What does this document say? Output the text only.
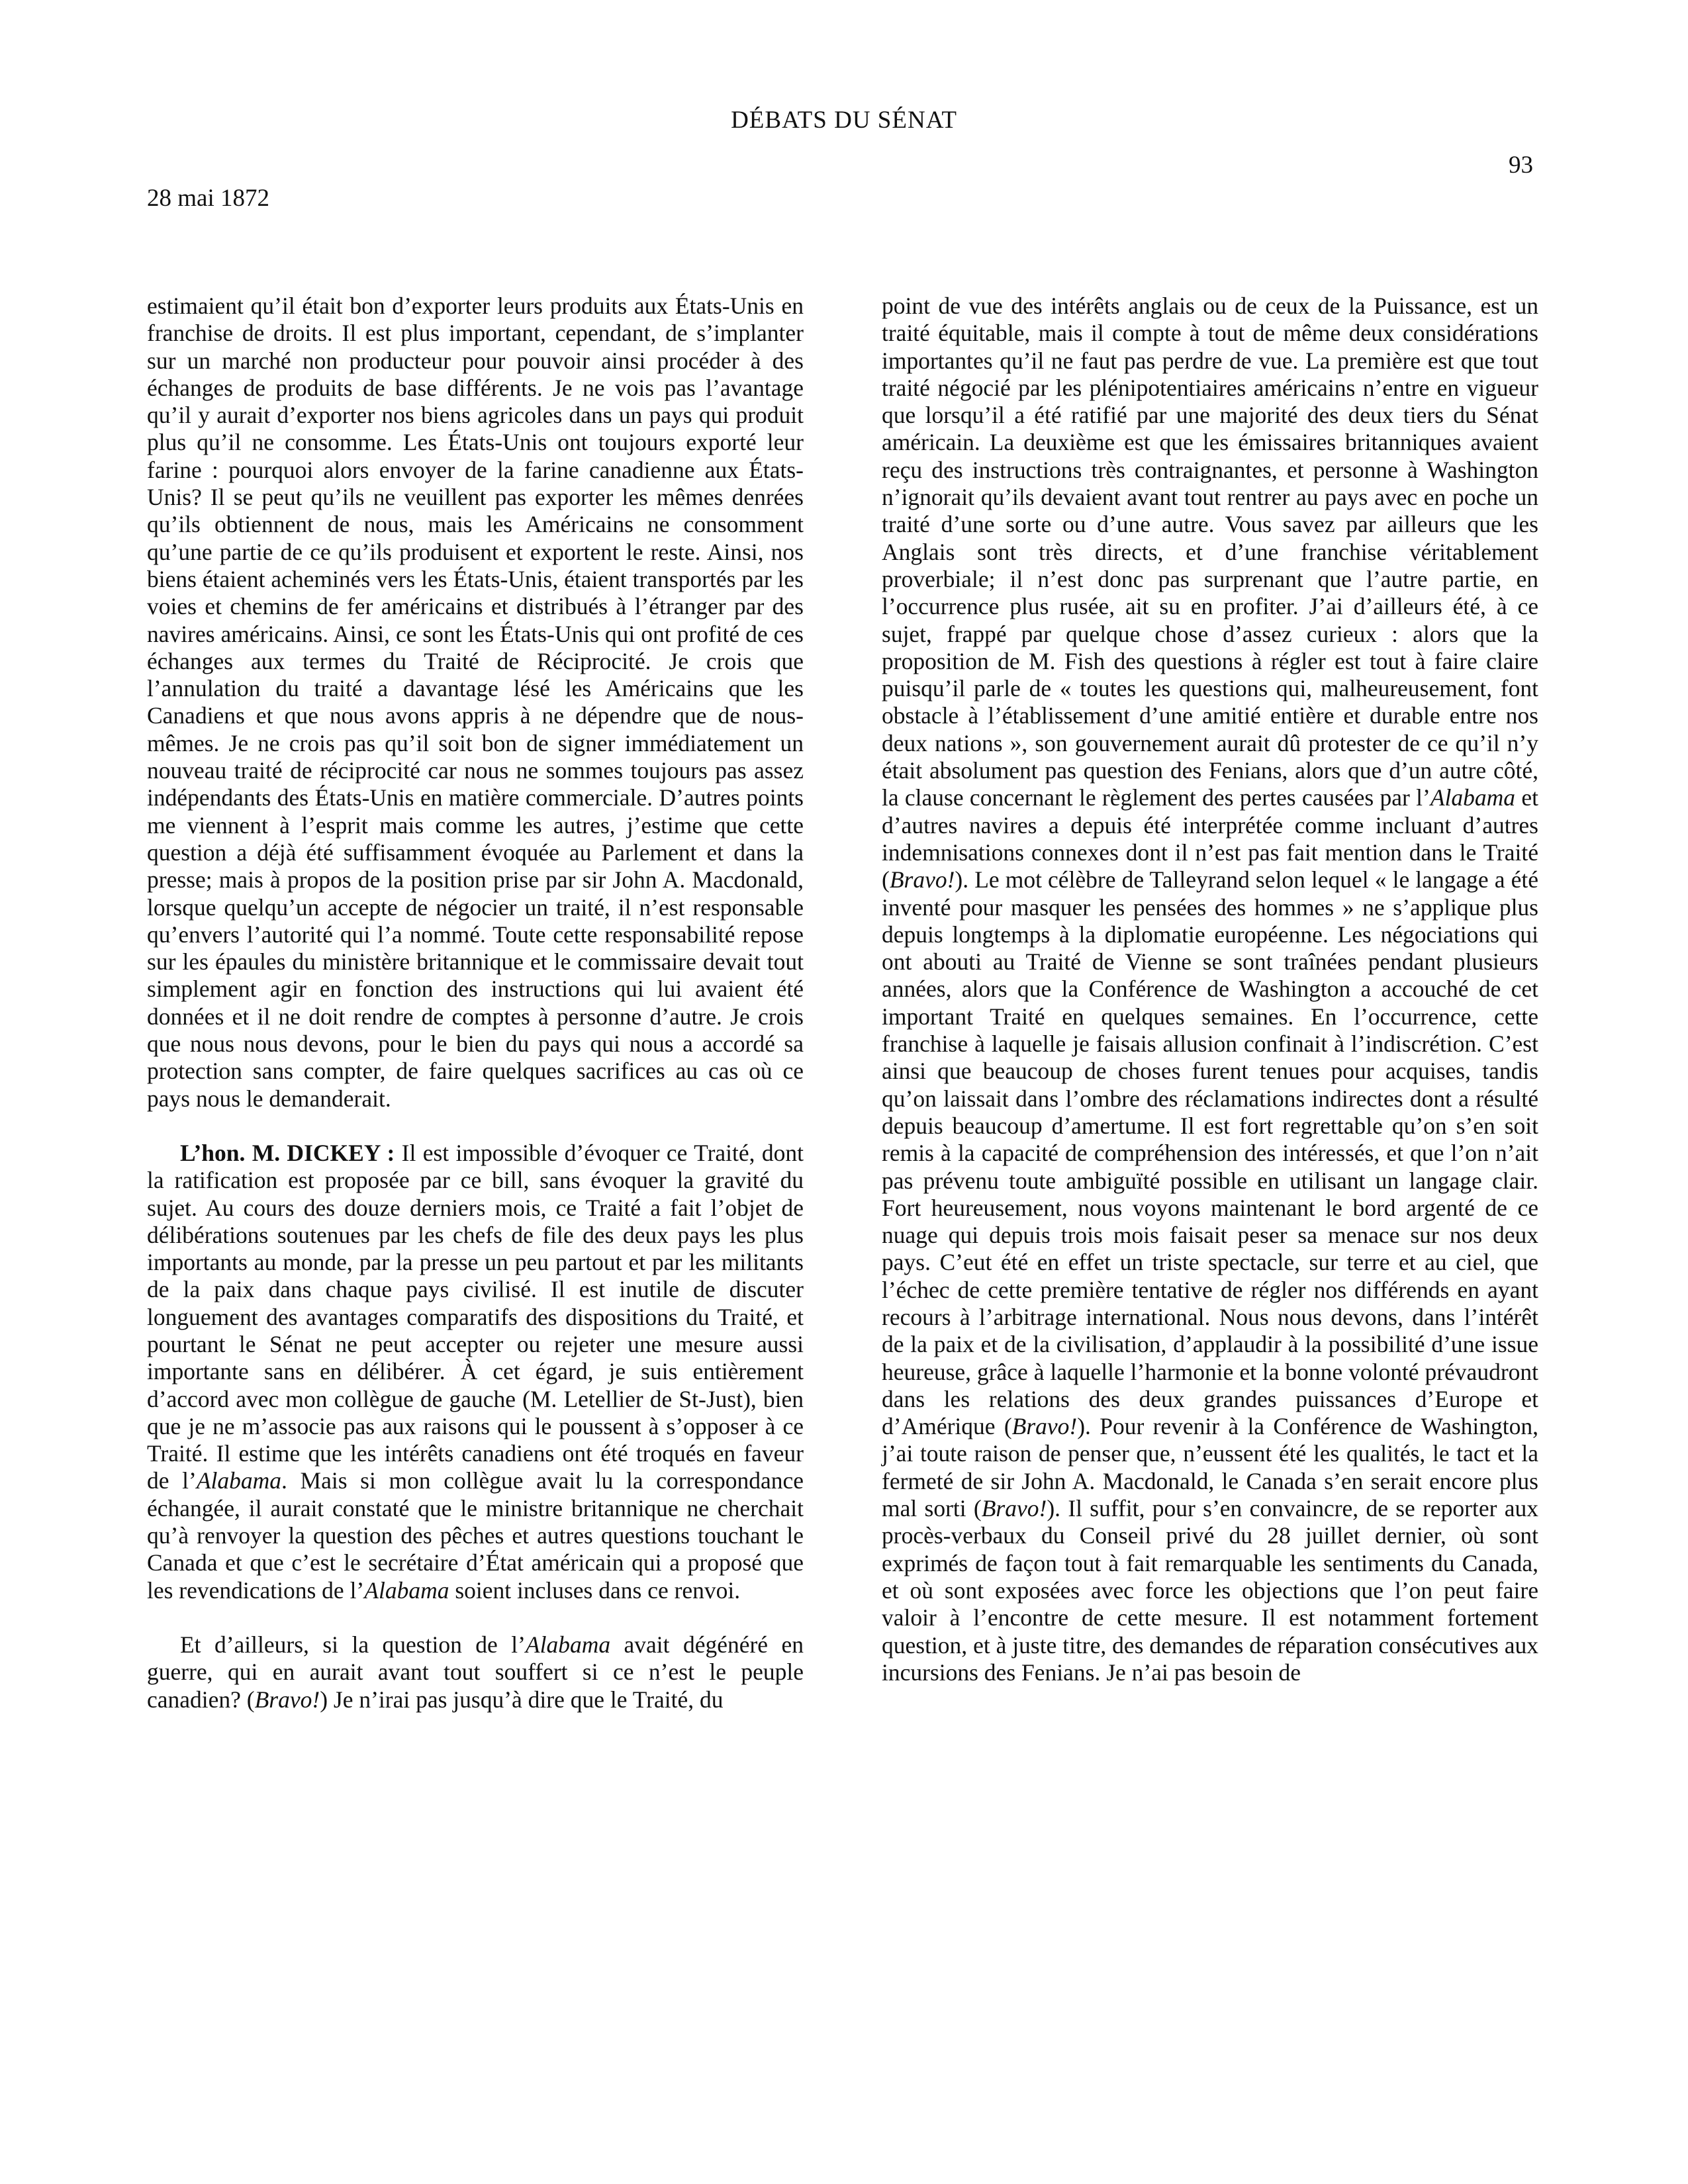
DÉBATS DU SÉNAT
93
28 mai 1872

estimaient qu’il était bon d’exporter leurs produits aux États-Unis en franchise de droits. Il est plus important, cependant, de s’implanter sur un marché non producteur pour pouvoir ainsi procéder à des échanges de produits de base différents. Je ne vois pas l’avantage qu’il y aurait d’exporter nos biens agricoles dans un pays qui produit plus qu’il ne consomme. Les États-Unis ont toujours exporté leur farine : pourquoi alors envoyer de la farine canadienne aux États-Unis? Il se peut qu’ils ne veuillent pas exporter les mêmes denrées qu’ils obtiennent de nous, mais les Américains ne consomment qu’une partie de ce qu’ils produisent et exportent le reste. Ainsi, nos biens étaient acheminés vers les États-Unis, étaient transportés par les voies et chemins de fer américains et distribués à l’étranger par des navires américains. Ainsi, ce sont les États-Unis qui ont profité de ces échanges aux termes du Traité de Réciprocité. Je crois que l’annulation du traité a davantage lésé les Américains que les Canadiens et que nous avons appris à ne dépendre que de nous-mêmes. Je ne crois pas qu’il soit bon de signer immédiatement un nouveau traité de réciprocité car nous ne sommes toujours pas assez indépendants des États-Unis en matière commerciale. D’autres points me viennent à l’esprit mais comme les autres, j’estime que cette question a déjà été suffisamment évoquée au Parlement et dans la presse; mais à propos de la position prise par sir John A. Macdonald, lorsque quelqu’un accepte de négocier un traité, il n’est responsable qu’envers l’autorité qui l’a nommé. Toute cette responsabilité repose sur les épaules du ministère britannique et le commissaire devait tout simplement agir en fonction des instructions qui lui avaient été données et il ne doit rendre de comptes à personne d’autre. Je crois que nous nous devons, pour le bien du pays qui nous a accordé sa protection sans compter, de faire quelques sacrifices au cas où ce pays nous le demanderait.

L’hon. M. DICKEY : Il est impossible d’évoquer ce Traité, dont la ratification est proposée par ce bill, sans évoquer la gravité du sujet. Au cours des douze derniers mois, ce Traité a fait l’objet de délibérations soutenues par les chefs de file des deux pays les plus importants au monde, par la presse un peu partout et par les militants de la paix dans chaque pays civilisé. Il est inutile de discuter longuement des avantages comparatifs des dispositions du Traité, et pourtant le Sénat ne peut accepter ou rejeter une mesure aussi importante sans en délibérer. À cet égard, je suis entièrement d’accord avec mon collègue de gauche (M. Letellier de St-Just), bien que je ne m’associe pas aux raisons qui le poussent à s’opposer à ce Traité. Il estime que les intérêts canadiens ont été troqués en faveur de l’Alabama. Mais si mon collègue avait lu la correspondance échangée, il aurait constaté que le ministre britannique ne cherchait qu’à renvoyer la question des pêches et autres questions touchant le Canada et que c’est le secrétaire d’État américain qui a proposé que les revendications de l’Alabama soient incluses dans ce renvoi.

Et d’ailleurs, si la question de l’Alabama avait dégénéré en guerre, qui en aurait avant tout souffert si ce n’est le peuple canadien? (Bravo!) Je n’irai pas jusqu’à dire que le Traité, du

point de vue des intérêts anglais ou de ceux de la Puissance, est un traité équitable, mais il compte à tout de même deux considérations importantes qu’il ne faut pas perdre de vue. La première est que tout traité négocié par les plénipotentiaires américains n’entre en vigueur que lorsqu’il a été ratifié par une majorité des deux tiers du Sénat américain. La deuxième est que les émissaires britanniques avaient reçu des instructions très contraignantes, et personne à Washington n’ignorait qu’ils devaient avant tout rentrer au pays avec en poche un traité d’une sorte ou d’une autre. Vous savez par ailleurs que les Anglais sont très directs, et d’une franchise véritablement proverbiale; il n’est donc pas surprenant que l’autre partie, en l’occurrence plus rusée, ait su en profiter. J’ai d’ailleurs été, à ce sujet, frappé par quelque chose d’assez curieux : alors que la proposition de M. Fish des questions à régler est tout à faire claire puisqu’il parle de « toutes les questions qui, malheureusement, font obstacle à l’établissement d’une amitié entière et durable entre nos deux nations », son gouvernement aurait dû protester de ce qu’il n’y était absolument pas question des Fenians, alors que d’un autre côté, la clause concernant le règlement des pertes causées par l’Alabama et d’autres navires a depuis été interprétée comme incluant d’autres indemnisations connexes dont il n’est pas fait mention dans le Traité (Bravo!). Le mot célèbre de Talleyrand selon lequel « le langage a été inventé pour masquer les pensées des hommes » ne s’applique plus depuis longtemps à la diplomatie européenne. Les négociations qui ont abouti au Traité de Vienne se sont traînées pendant plusieurs années, alors que la Conférence de Washington a accouché de cet important Traité en quelques semaines. En l’occurrence, cette franchise à laquelle je faisais allusion confinait à l’indiscrétion. C’est ainsi que beaucoup de choses furent tenues pour acquises, tandis qu’on laissait dans l’ombre des réclamations indirectes dont a résulté depuis beaucoup d’amertume. Il est fort regrettable qu’on s’en soit remis à la capacité de compréhension des intéressés, et que l’on n’ait pas prévenu toute ambiguïté possible en utilisant un langage clair. Fort heureusement, nous voyons maintenant le bord argenté de ce nuage qui depuis trois mois faisait peser sa menace sur nos deux pays. C’eut été en effet un triste spectacle, sur terre et au ciel, que l’échec de cette première tentative de régler nos différends en ayant recours à l’arbitrage international. Nous nous devons, dans l’intérêt de la paix et de la civilisation, d’applaudir à la possibilité d’une issue heureuse, grâce à laquelle l’harmonie et la bonne volonté prévaudront dans les relations des deux grandes puissances d’Europe et d’Amérique (Bravo!). Pour revenir à la Conférence de Washington, j’ai toute raison de penser que, n’eussent été les qualités, le tact et la fermeté de sir John A. Macdonald, le Canada s’en serait encore plus mal sorti (Bravo!). Il suffit, pour s’en convaincre, de se reporter aux procès-verbaux du Conseil privé du 28 juillet dernier, où sont exprimés de façon tout à fait remarquable les sentiments du Canada, et où sont exposées avec force les objections que l’on peut faire valoir à l’encontre de cette mesure. Il est notamment fortement question, et à juste titre, des demandes de réparation consécutives aux incursions des Fenians. Je n’ai pas besoin de
